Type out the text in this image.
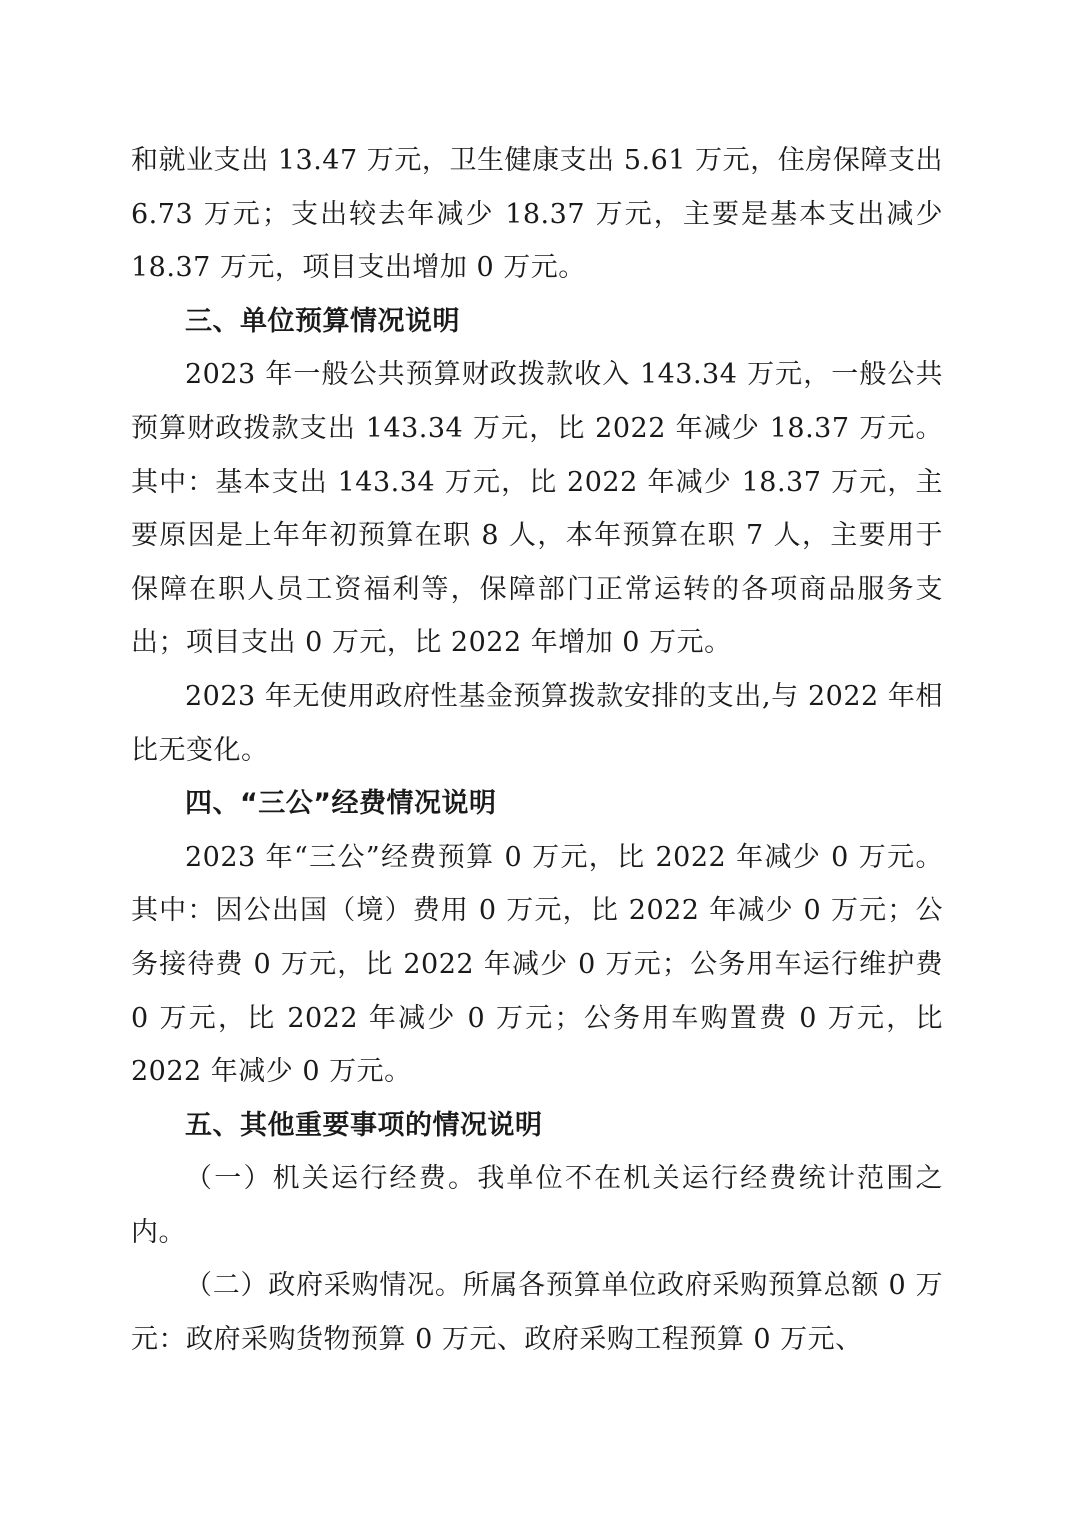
和就业支出 13.47 万元，卫生健康支出 5.61 万元，住房保障支出 6.73 万元；支出较去年减少 18.37 万元，主要是基本支出减少 18.37 万元，项目支出增加 0 万元。

三、单位预算情况说明

2023 年一般公共预算财政拨款收入 143.34 万元，一般公共预算财政拨款支出 143.34 万元，比 2022 年减少 18.37 万元。其中：基本支出 143.34 万元，比 2022 年减少 18.37 万元，主要原因是上年年初预算在职 8 人，本年预算在职 7 人，主要用于保障在职人员工资福利等，保障部门正常运转的各项商品服务支出；项目支出 0 万元，比 2022 年增加 0 万元。

2023 年无使用政府性基金预算拨款安排的支出,与 2022 年相比无变化。

四、“三公”经费情况说明

2023 年“三公”经费预算 0 万元，比 2022 年减少 0 万元。其中：因公出国（境）费用 0 万元，比 2022 年减少 0 万元；公务接待费 0 万元，比 2022 年减少 0 万元；公务用车运行维护费 0 万元，比 2022 年减少 0 万元；公务用车购置费 0 万元，比 2022 年减少 0 万元。

五、其他重要事项的情况说明

（一）机关运行经费。我单位不在机关运行经费统计范围之内。

（二）政府采购情况。所属各预算单位政府采购预算总额 0 万元：政府采购货物预算 0 万元、政府采购工程预算 0 万元、
